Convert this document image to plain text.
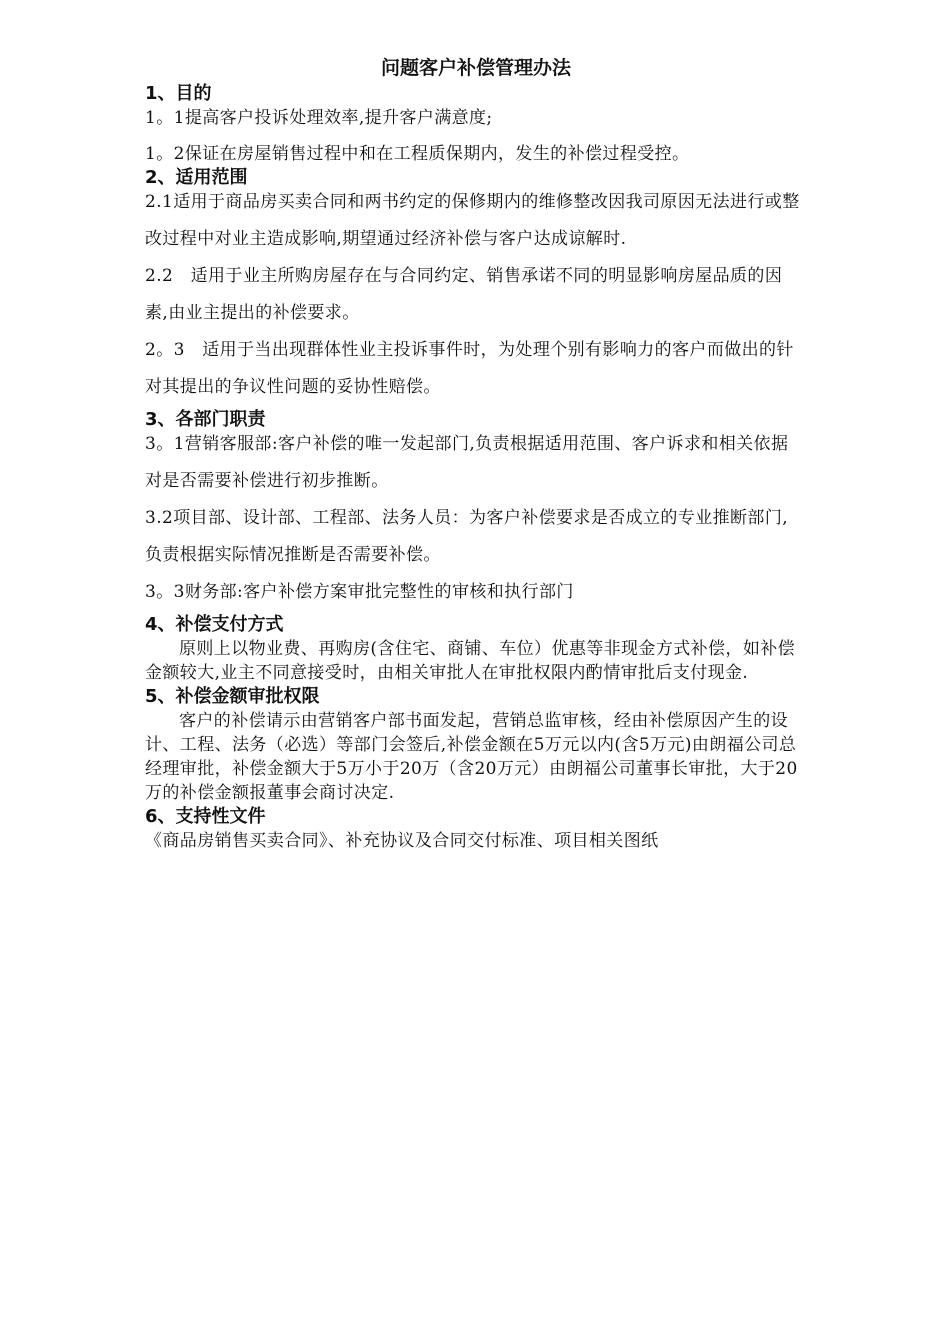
问题客户补偿管理办法
1、目的

1。1提高客户投诉处理效率,提升客户满意度;

1。2保证在房屋销售过程中和在工程质保期内，发生的补偿过程受控。

2、适用范围

2.1适用于商品房买卖合同和两书约定的保修期内的维修整改因我司原因无法进行或整改过程中对业主造成影响,期望通过经济补偿与客户达成谅解时.

2.2　适用于业主所购房屋存在与合同约定、销售承诺不同的明显影响房屋品质的因素,由业主提出的补偿要求。

2。3　适用于当出现群体性业主投诉事件时，为处理个别有影响力的客户而做出的针对其提出的争议性问题的妥协性赔偿。

3、各部门职责

3。1营销客服部:客户补偿的唯一发起部门,负责根据适用范围、客户诉求和相关依据对是否需要补偿进行初步推断。

3.2项目部、设计部、工程部、法务人员：为客户补偿要求是否成立的专业推断部门,负责根据实际情况推断是否需要补偿。

3。3财务部:客户补偿方案审批完整性的审核和执行部门

4、补偿支付方式

原则上以物业费、再购房(含住宅、商铺、车位）优惠等非现金方式补偿，如补偿金额较大,业主不同意接受时，由相关审批人在审批权限内酌情审批后支付现金.

5、补偿金额审批权限

客户的补偿请示由营销客户部书面发起，营销总监审核，经由补偿原因产生的设计、工程、法务（必选）等部门会签后,补偿金额在5万元以内(含5万元)由朗福公司总经理审批，补偿金额大于5万小于20万（含20万元）由朗福公司董事长审批，大于20万的补偿金额报董事会商讨决定.

6、支持性文件

《商品房销售买卖合同》、补充协议及合同交付标准、项目相关图纸
